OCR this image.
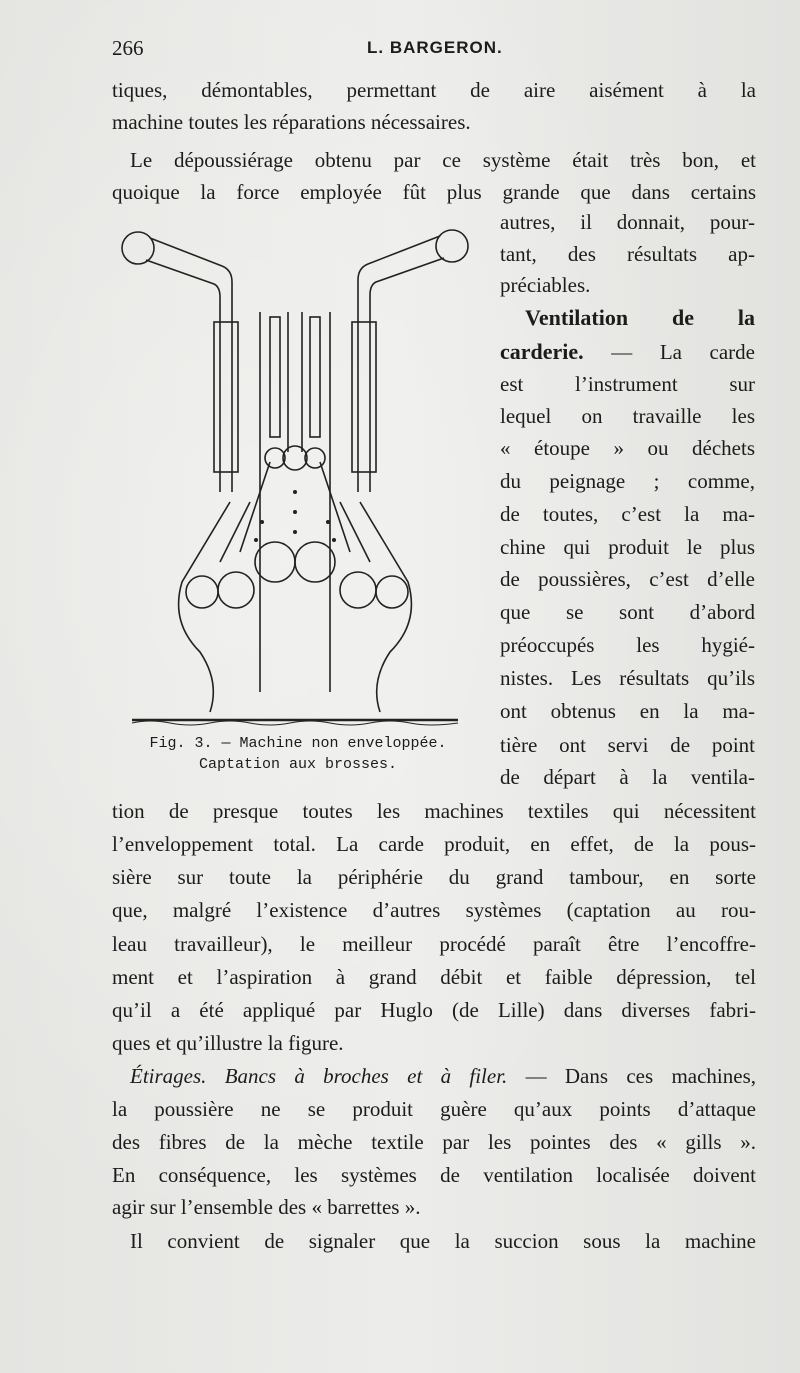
266	L. BARGERON.
tiques, démontables, permettant de aire aisément à la
machine toutes les réparations nécessaires.
Le dépoussiérage obtenu par ce système était très bon, et
quoique la force employée fût plus grande que dans certains
autres, il donnait, pour-
tant, des résultats ap-
préciables.
Ventilation de la
carderie. — La carde
est l’instrument sur
lequel on travaille les
« étoupe » ou déchets
du peignage ; comme,
de toutes, c’est la ma-
chine qui produit le plus
de poussières, c’est d’elle
que se sont d’abord
préoccupés les hygié-
nistes. Les résultats qu’ils
ont obtenus en la ma-
tière ont servi de point
de départ à la ventila-
Fig. 3. — Machine non enveloppée.
Captation aux brosses.
tion de presque toutes les machines textiles qui nécessitent
l’enveloppement total. La carde produit, en effet, de la pous-
sière sur toute la périphérie du grand tambour, en sorte
que, malgré l’existence d’autres systèmes (captation au rou-
leau travailleur), le meilleur procédé paraît être l’encoffre-
ment et l’aspiration à grand débit et faible dépression, tel
qu’il a été appliqué par Huglo (de Lille) dans diverses fabri-
ques et qu’illustre la figure.
Étirages. Bancs à broches et à filer. — Dans ces machines,
la poussière ne se produit guère qu’aux points d’attaque
des fibres de la mèche textile par les pointes des « gills ».
En conséquence, les systèmes de ventilation localisée doivent
agir sur l’ensemble des « barrettes ».
Il convient de signaler que la succion sous la machine
